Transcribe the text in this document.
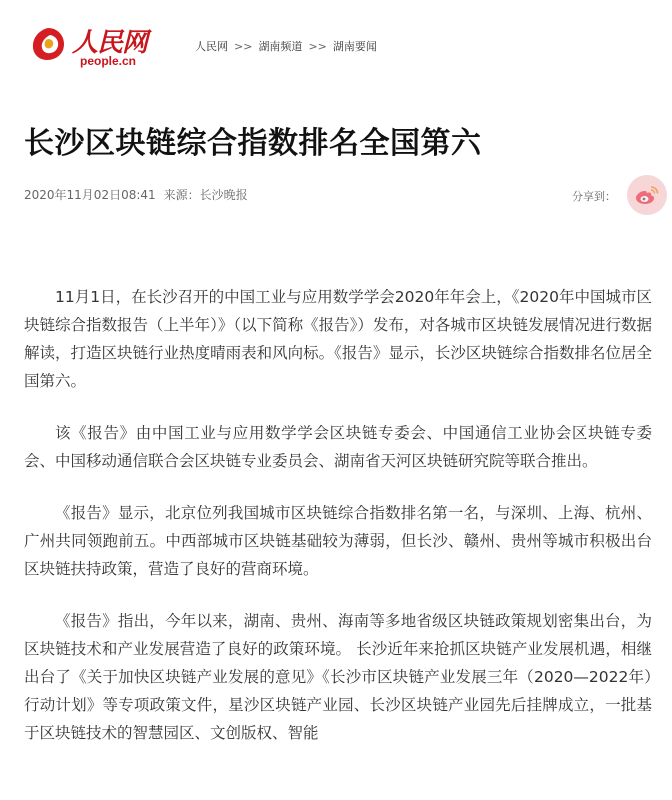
人民网
people.cn
人民网 >> 湖南频道 >> 湖南要闻
长沙区块链综合指数排名全国第六
2020年11月02日08:41 来源：长沙晚报	分享到：

11月1日，在长沙召开的中国工业与应用数学学会2020年年会上，《2020年中国城市区块链综合指数报告（上半年）》（以下简称《报告》）发布，对各城市区块链发展情况进行数据解读，打造区块链行业热度晴雨表和风向标。《报告》显示，长沙区块链综合指数排名位居全国第六。

该《报告》由中国工业与应用数学学会区块链专委会、中国通信工业协会区块链专委会、中国移动通信联合会区块链专业委员会、湖南省天河区块链研究院等联合推出。

《报告》显示，北京位列我国城市区块链综合指数排名第一名，与深圳、上海、杭州、广州共同领跑前五。中西部城市区块链基础较为薄弱，但长沙、赣州、贵州等城市积极出台区块链扶持政策，营造了良好的营商环境。

《报告》指出，今年以来，湖南、贵州、海南等多地省级区块链政策规划密集出台，为区块链技术和产业发展营造了良好的政策环境。 长沙近年来抢抓区块链产业发展机遇，相继出台了《关于加快区块链产业发展的意见》《长沙市区块链产业发展三年（2020—2022年）行动计划》等专项政策文件，星沙区块链产业园、长沙区块链产业园先后挂牌成立，一批基于区块链技术的智慧园区、文创版权、智能
